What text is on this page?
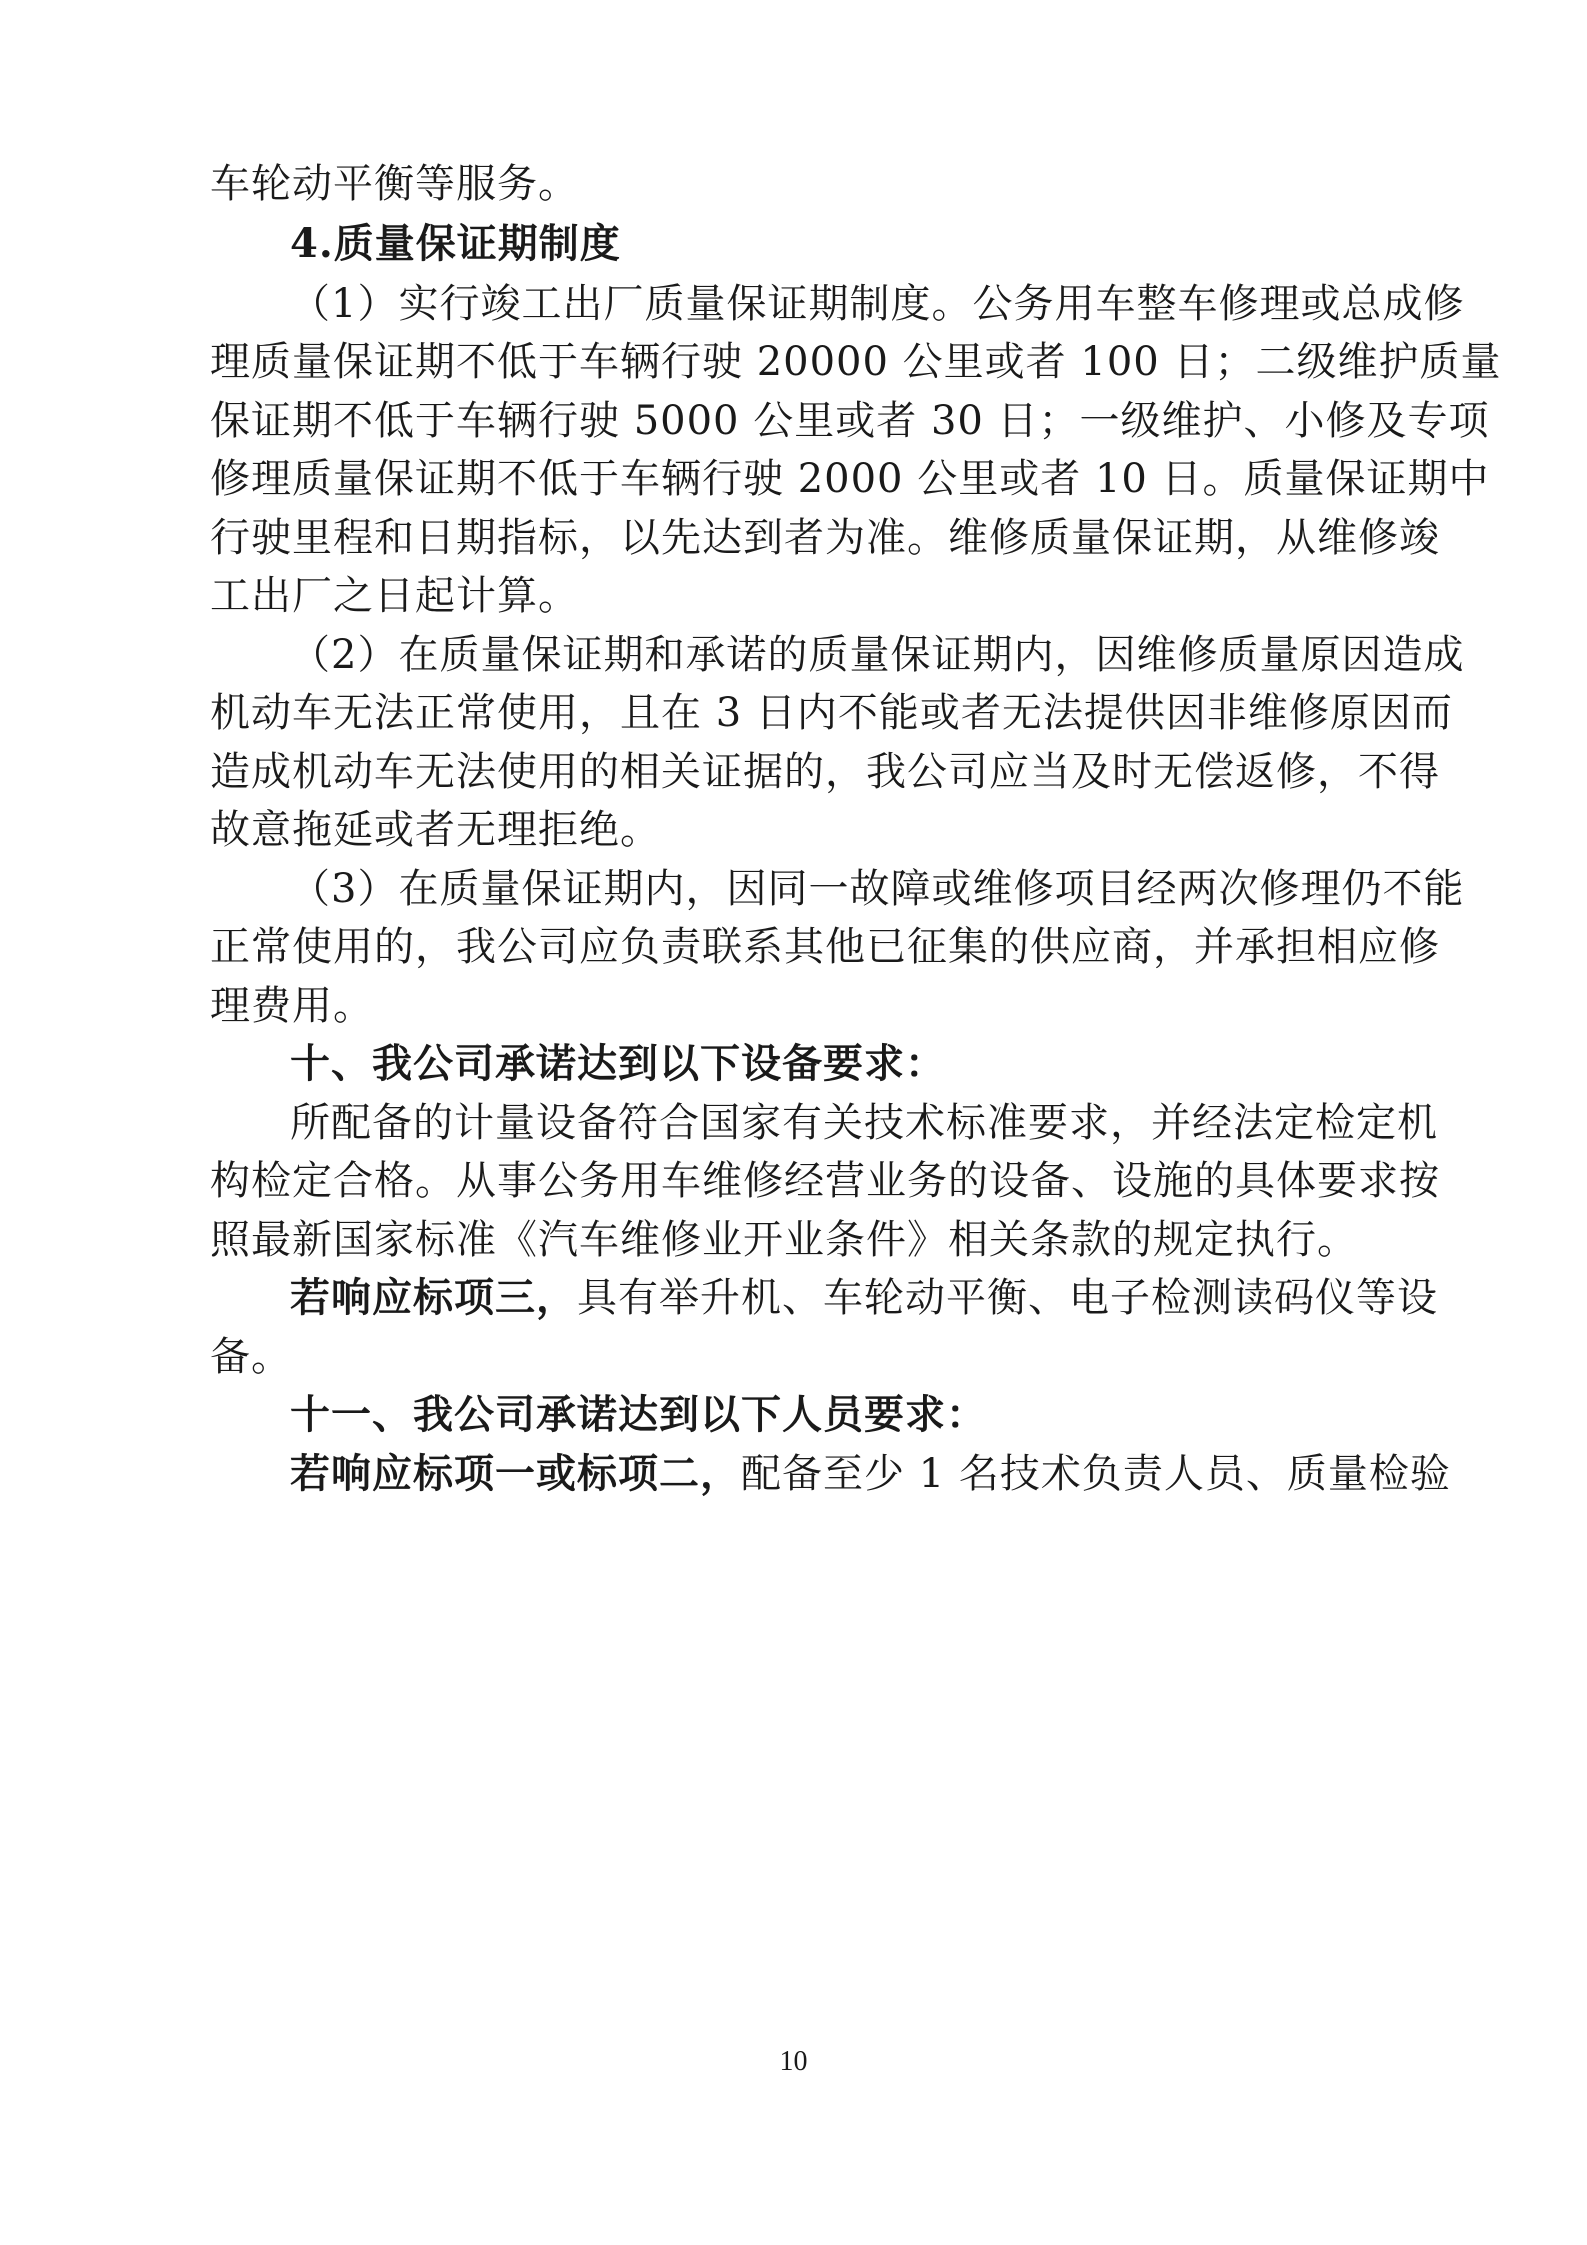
车轮动平衡等服务。
4.质量保证期制度
（1）实行竣工出厂质量保证期制度。公务用车整车修理或总成修
理质量保证期不低于车辆行驶 20000 公里或者 100 日；二级维护质量
保证期不低于车辆行驶 5000 公里或者 30 日；一级维护、小修及专项
修理质量保证期不低于车辆行驶 2000 公里或者 10 日。质量保证期中
行驶里程和日期指标，以先达到者为准。维修质量保证期，从维修竣
工出厂之日起计算。
（2）在质量保证期和承诺的质量保证期内，因维修质量原因造成
机动车无法正常使用，且在 3 日内不能或者无法提供因非维修原因而
造成机动车无法使用的相关证据的，我公司应当及时无偿返修，不得
故意拖延或者无理拒绝。
（3）在质量保证期内，因同一故障或维修项目经两次修理仍不能
正常使用的，我公司应负责联系其他已征集的供应商，并承担相应修
理费用。
十、我公司承诺达到以下设备要求：
所配备的计量设备符合国家有关技术标准要求，并经法定检定机
构检定合格。从事公务用车维修经营业务的设备、设施的具体要求按
照最新国家标准《汽车维修业开业条件》相关条款的规定执行。
若响应标项三，具有举升机、车轮动平衡、电子检测读码仪等设
备。
十一、我公司承诺达到以下人员要求：
若响应标项一或标项二，配备至少 1 名技术负责人员、质量检验
10
